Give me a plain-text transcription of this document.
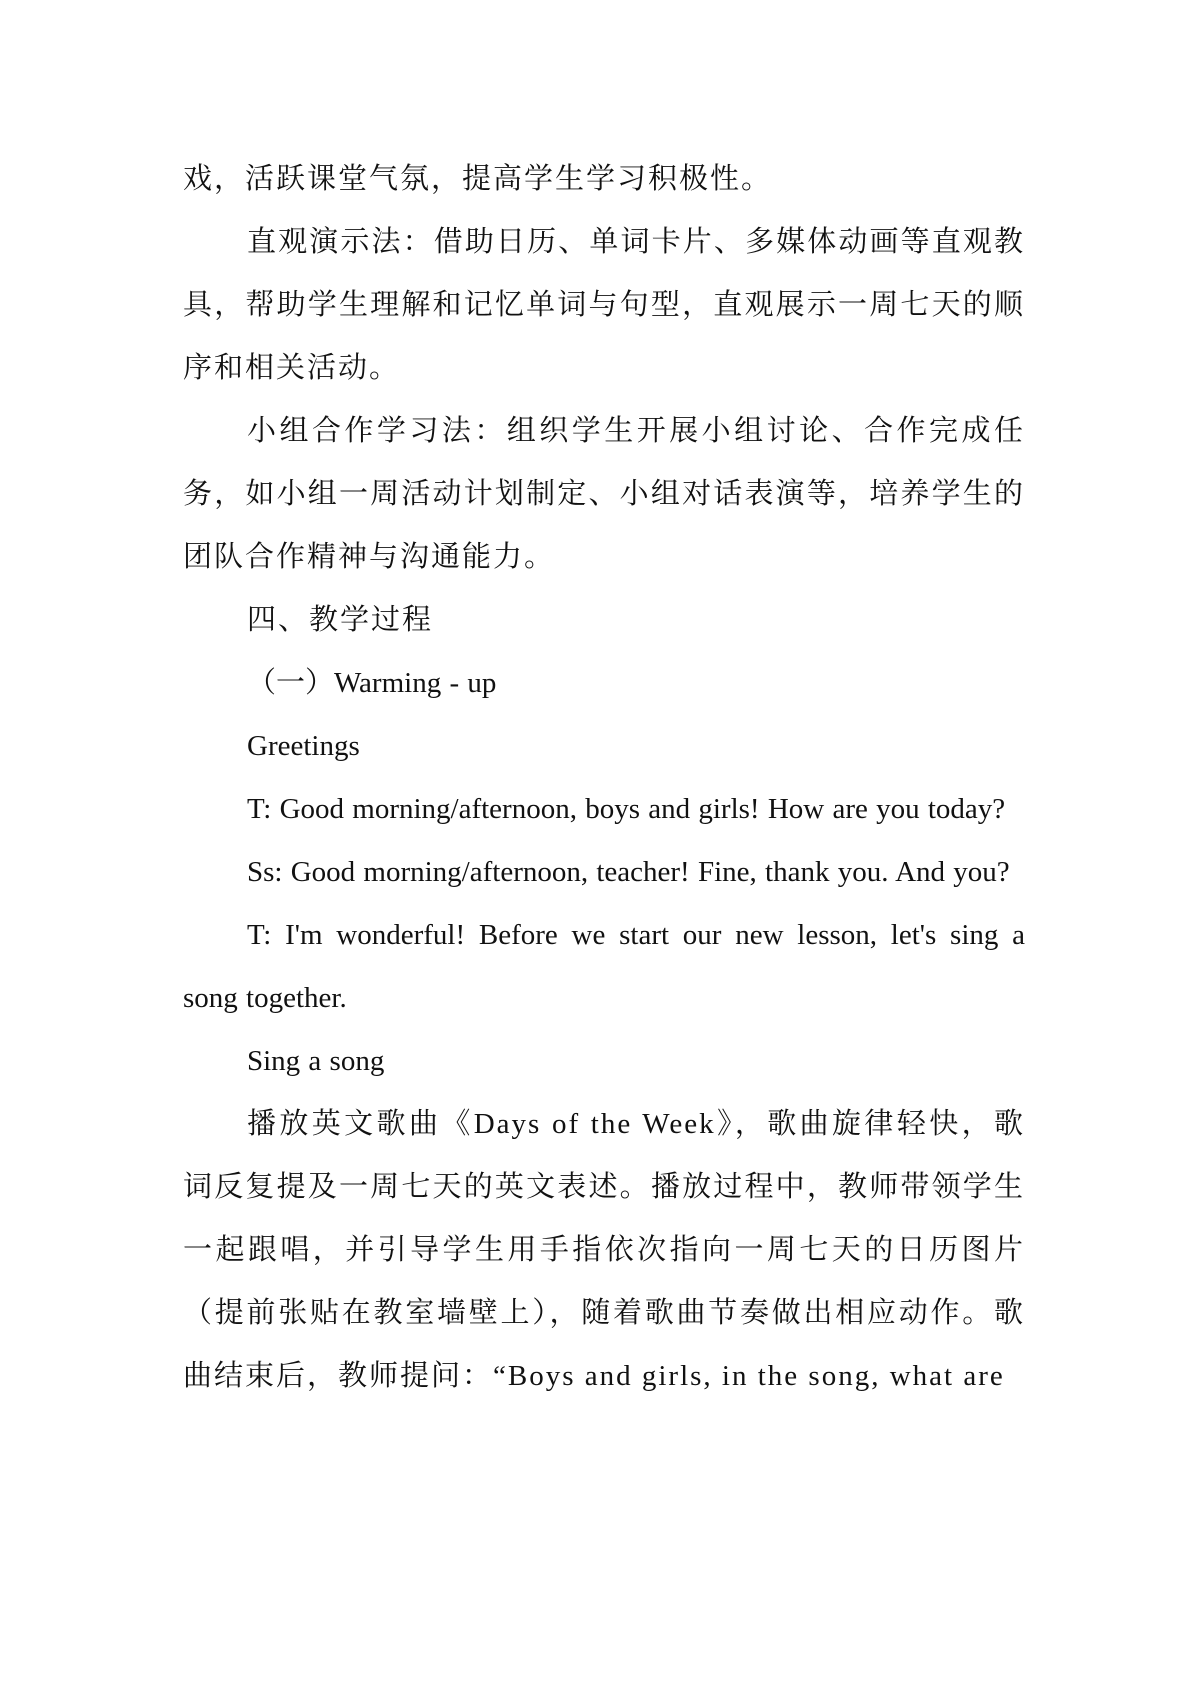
戏，活跃课堂气氛，提高学生学习积极性。

直观演示法：借助日历、单词卡片、多媒体动画等直观教具，帮助学生理解和记忆单词与句型，直观展示一周七天的顺序和相关活动。

小组合作学习法：组织学生开展小组讨论、合作完成任务，如小组一周活动计划制定、小组对话表演等，培养学生的团队合作精神与沟通能力。

四、教学过程

（一）Warming - up

Greetings

T: Good morning/afternoon, boys and girls! How are you today?

Ss: Good morning/afternoon, teacher! Fine, thank you. And you?

T: I'm wonderful! Before we start our new lesson, let's sing a song together.

Sing a song

播放英文歌曲《Days of the Week》，歌曲旋律轻快，歌词反复提及一周七天的英文表述。播放过程中，教师带领学生一起跟唱，并引导学生用手指依次指向一周七天的日历图片（提前张贴在教室墙壁上），随着歌曲节奏做出相应动作。歌曲结束后，教师提问：“Boys and girls, in the song, what are
